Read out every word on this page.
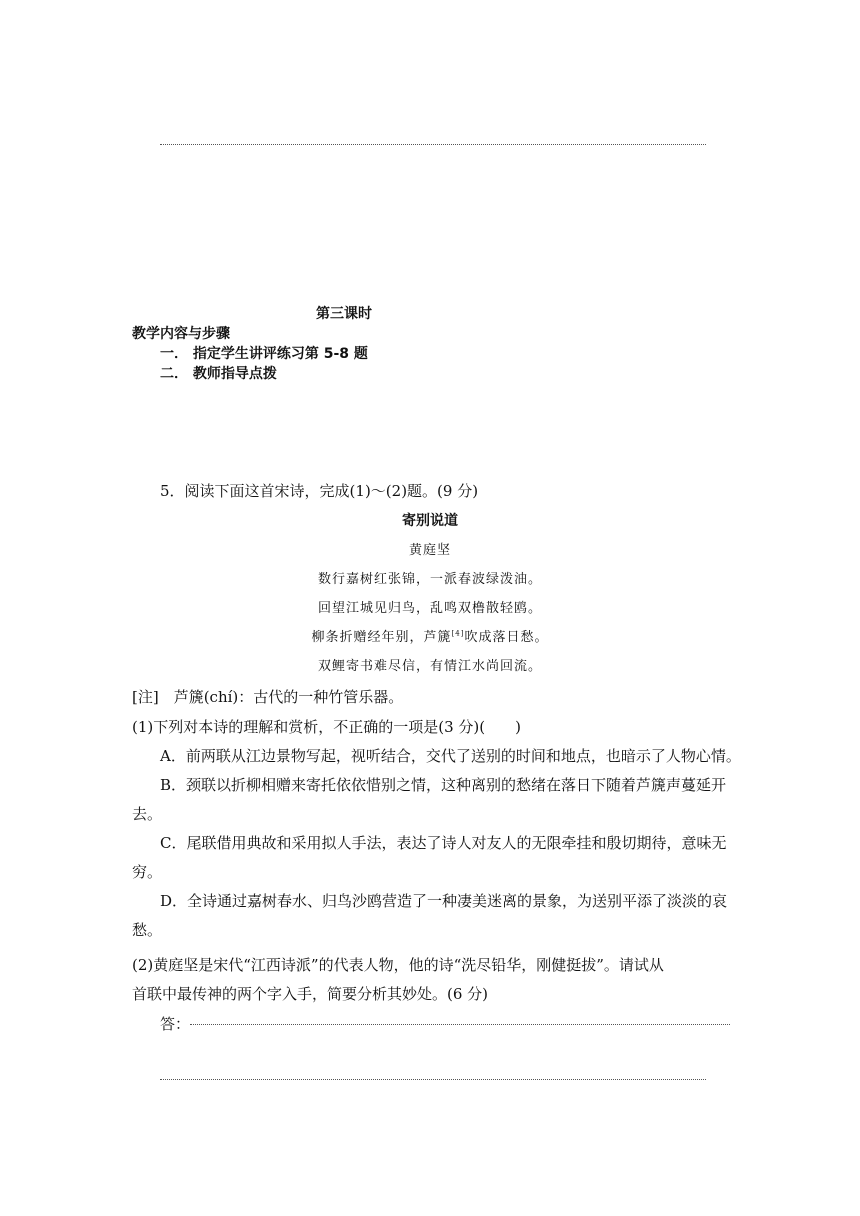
第三课时
教学内容与步骤
一． 指定学生讲评练习第 5-8 题
二． 教师指导点拨
5．阅读下面这首宋诗，完成(1)～(2)题。(9 分)
寄别说道
黄庭坚
数行嘉树红张锦，一派春波绿泼油。
回望江城见归鸟，乱鸣双橹散轻鸥。
柳条折赠经年别，芦篪[4]吹成落日愁。
双鲤寄书难尽信，有情江水尚回流。
[注]　芦篪(chí)：古代的一种竹管乐器。
(1)下列对本诗的理解和赏析，不正确的一项是(3 分)(　　)
A．前两联从江边景物写起，视听结合，交代了送别的时间和地点，也暗示了人物心情。
B．颈联以折柳相赠来寄托依依惜别之情，这种离别的愁绪在落日下随着芦篪声蔓延开
去。
C．尾联借用典故和采用拟人手法，表达了诗人对友人的无限牵挂和殷切期待，意味无
穷。
D．全诗通过嘉树春水、归鸟沙鸥营造了一种凄美迷离的景象，为送别平添了淡淡的哀
愁。
(2)黄庭坚是宋代“江西诗派”的代表人物，他的诗“洗尽铅华，刚健挺拔”。请试从
首联中最传神的两个字入手，简要分析其妙处。(6 分)
答：
